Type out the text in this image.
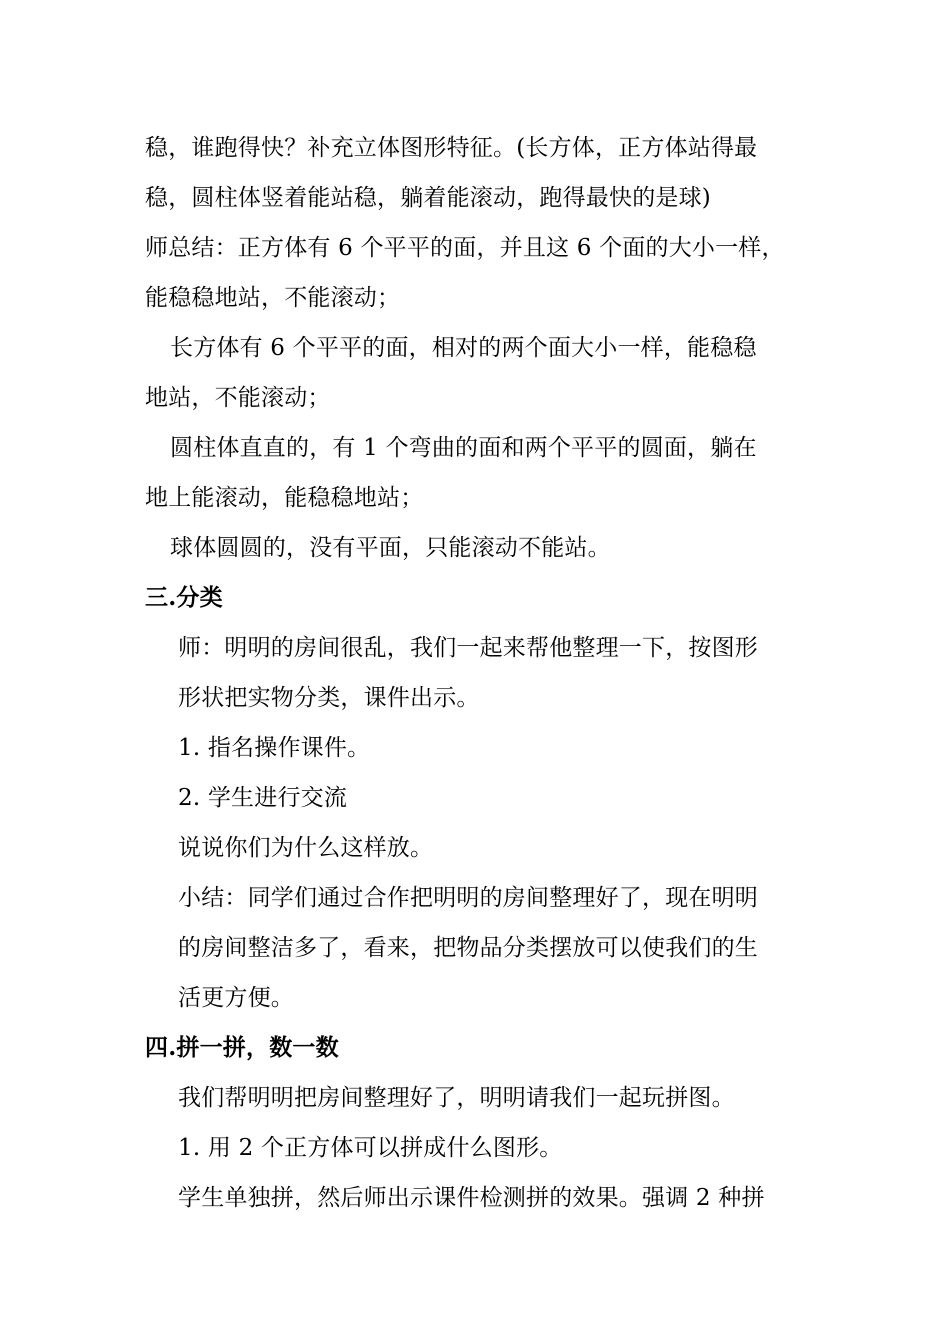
稳，谁跑得快？补充立体图形特征。(长方体，正方体站得最
稳，圆柱体竖着能站稳，躺着能滚动，跑得最快的是球)
师总结：正方体有 6 个平平的面，并且这 6 个面的大小一样，
能稳稳地站，不能滚动；
长方体有 6 个平平的面，相对的两个面大小一样，能稳稳
地站，不能滚动；
圆柱体直直的，有 1 个弯曲的面和两个平平的圆面，躺在
地上能滚动，能稳稳地站；
球体圆圆的，没有平面，只能滚动不能站。
三.分类
师：明明的房间很乱，我们一起来帮他整理一下，按图形
形状把实物分类，课件出示。
1. 指名操作课件。
2. 学生进行交流
说说你们为什么这样放。
小结：同学们通过合作把明明的房间整理好了，现在明明
的房间整洁多了，看来，把物品分类摆放可以使我们的生
活更方便。
四.拼一拼，数一数
我们帮明明把房间整理好了，明明请我们一起玩拼图。
1. 用 2 个正方体可以拼成什么图形。
学生单独拼，然后师出示课件检测拼的效果。强调 2 种拼
